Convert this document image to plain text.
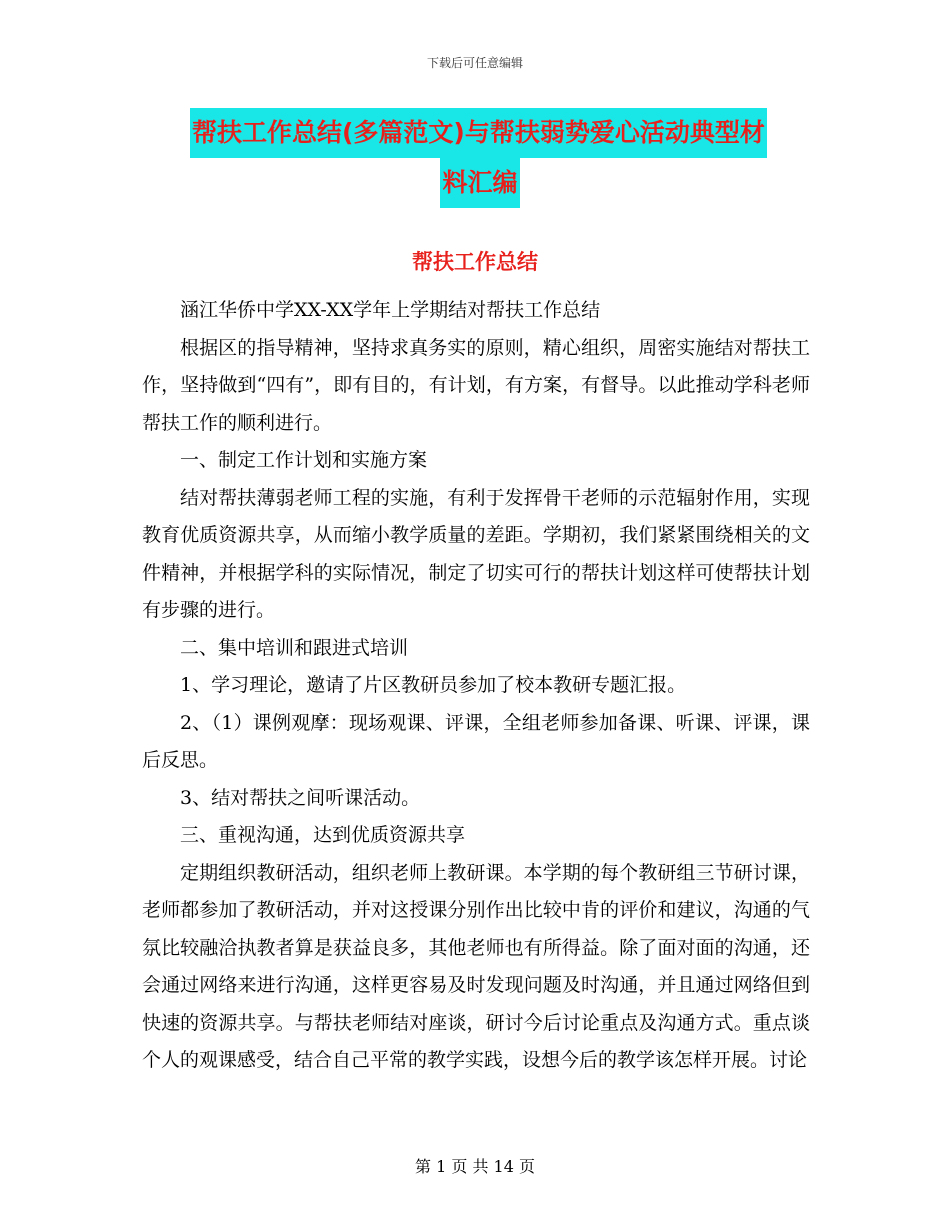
下载后可任意编辑
帮扶工作总结(多篇范文)与帮扶弱势爱心活动典型材
料汇编
帮扶工作总结

涵江华侨中学XX-XX学年上学期结对帮扶工作总结

根据区的指导精神，坚持求真务实的原则，精心组织，周密实施结对帮扶工作，坚持做到“四有”，即有目的，有计划，有方案，有督导。以此推动学科老师帮扶工作的顺利进行。

一、制定工作计划和实施方案

结对帮扶薄弱老师工程的实施，有利于发挥骨干老师的示范辐射作用，实现教育优质资源共享，从而缩小教学质量的差距。学期初，我们紧紧围绕相关的文件精神，并根据学科的实际情况，制定了切实可行的帮扶计划这样可使帮扶计划有步骤的进行。

二、集中培训和跟进式培训

1、学习理论，邀请了片区教研员参加了校本教研专题汇报。

2、（1）课例观摩：现场观课、评课，全组老师参加备课、听课、评课，课后反思。

3、结对帮扶之间听课活动。

三、重视沟通，达到优质资源共享

定期组织教研活动，组织老师上教研课。本学期的每个教研组三节研讨课，老师都参加了教研活动，并对这授课分别作出比较中肯的评价和建议，沟通的气氛比较融洽执教者算是获益良多，其他老师也有所得益。除了面对面的沟通，还会通过网络来进行沟通，这样更容易及时发现问题及时沟通，并且通过网络但到快速的资源共享。与帮扶老师结对座谈，研讨今后讨论重点及沟通方式。重点谈个人的观课感受，结合自己平常的教学实践，设想今后的教学该怎样开展。讨论

第 1 页 共 14 页
